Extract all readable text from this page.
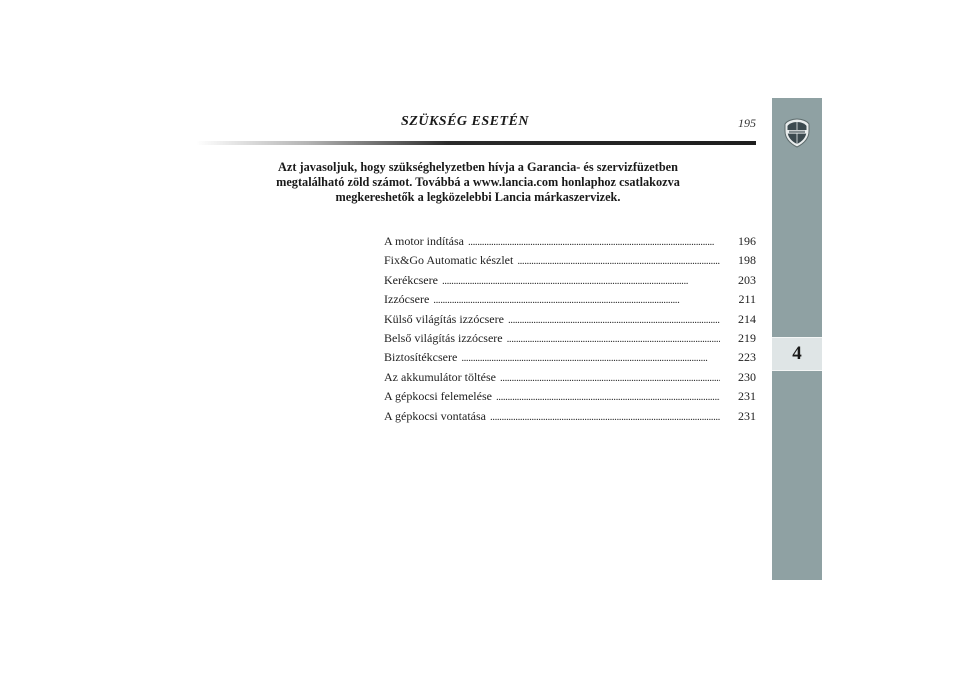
SZÜKSÉG ESETÉN	195
4
Azt javasoljuk, hogy szükséghelyzetben hívja a Garancia- és szervizfüzetben
megtalálható zöld számot. Továbbá a www.lancia.com honlaphoz csatlakozva
megkereshetők a legközelebbi Lancia márkaszervizek.
A motor indítása . . .	196
Fix&Go Automatic készlet . . .	198
Kerékcsere . . .	203
Izzócsere . . .	211
Külső világítás izzócsere . . .	214
Belső világítás izzócsere . . .	219
Biztosítékcsere . . .	223
Az akkumulátor töltése . . .	230
A gépkocsi felemelése . . .	231
A gépkocsi vontatása . . .	231
